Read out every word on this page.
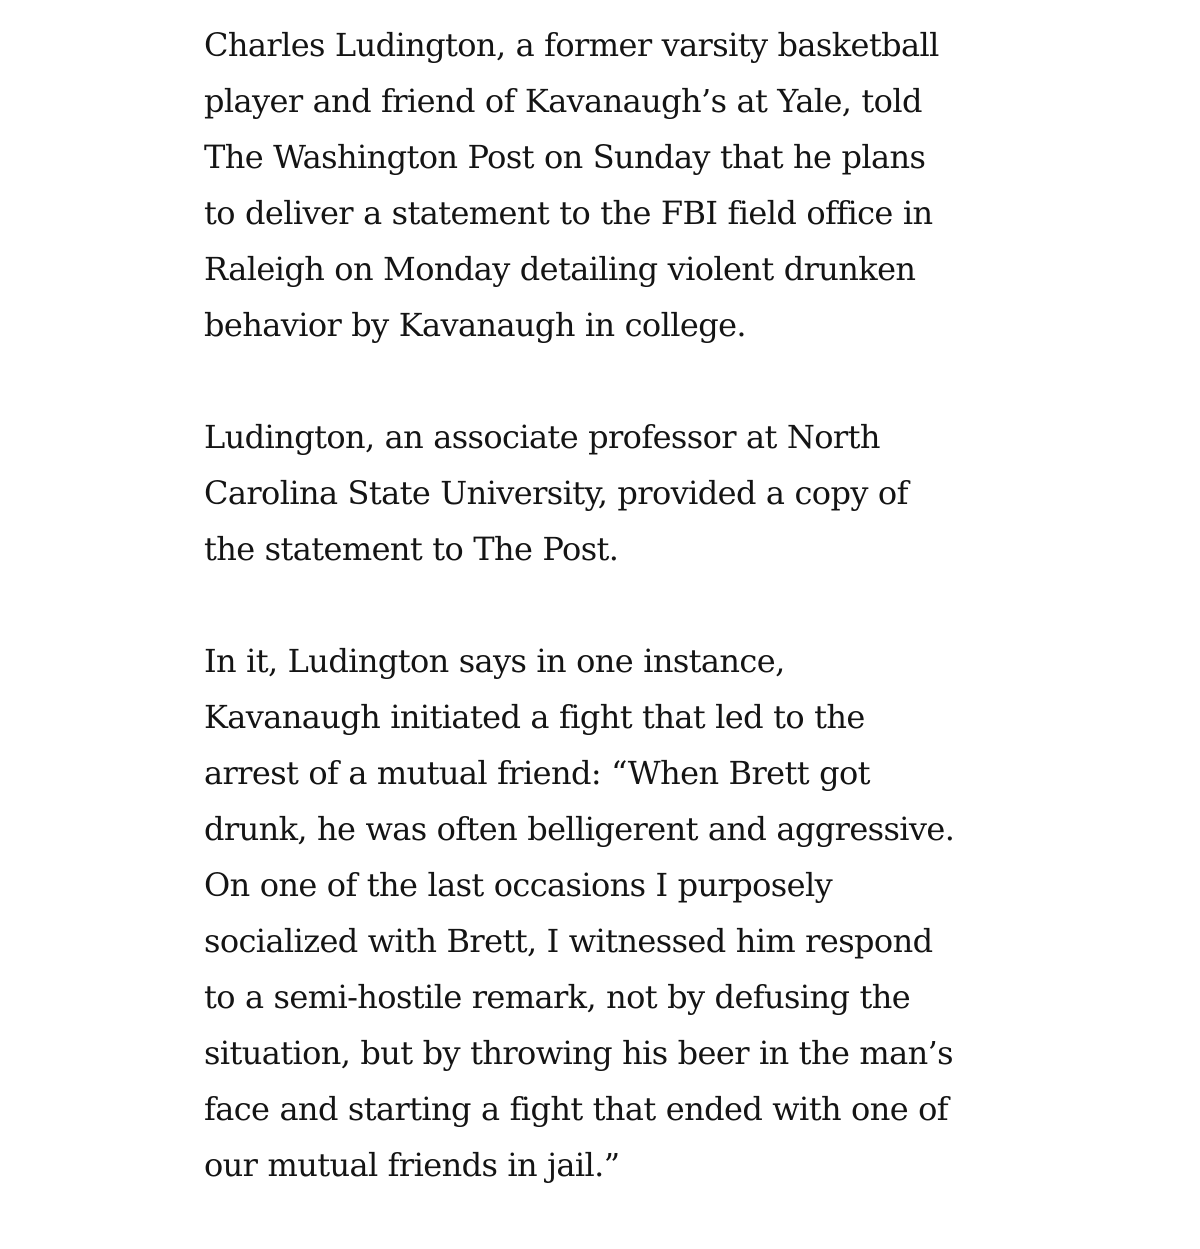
Charles Ludington, a former varsity basketball
player and friend of Kavanaugh’s at Yale, told
The Washington Post on Sunday that he plans
to deliver a statement to the FBI field office in
Raleigh on Monday detailing violent drunken
behavior by Kavanaugh in college.

Ludington, an associate professor at North
Carolina State University, provided a copy of
the statement to The Post.

In it, Ludington says in one instance,
Kavanaugh initiated a fight that led to the
arrest of a mutual friend: “When Brett got
drunk, he was often belligerent and aggressive.
On one of the last occasions I purposely
socialized with Brett, I witnessed him respond
to a semi-hostile remark, not by defusing the
situation, but by throwing his beer in the man’s
face and starting a fight that ended with one of
our mutual friends in jail.”
